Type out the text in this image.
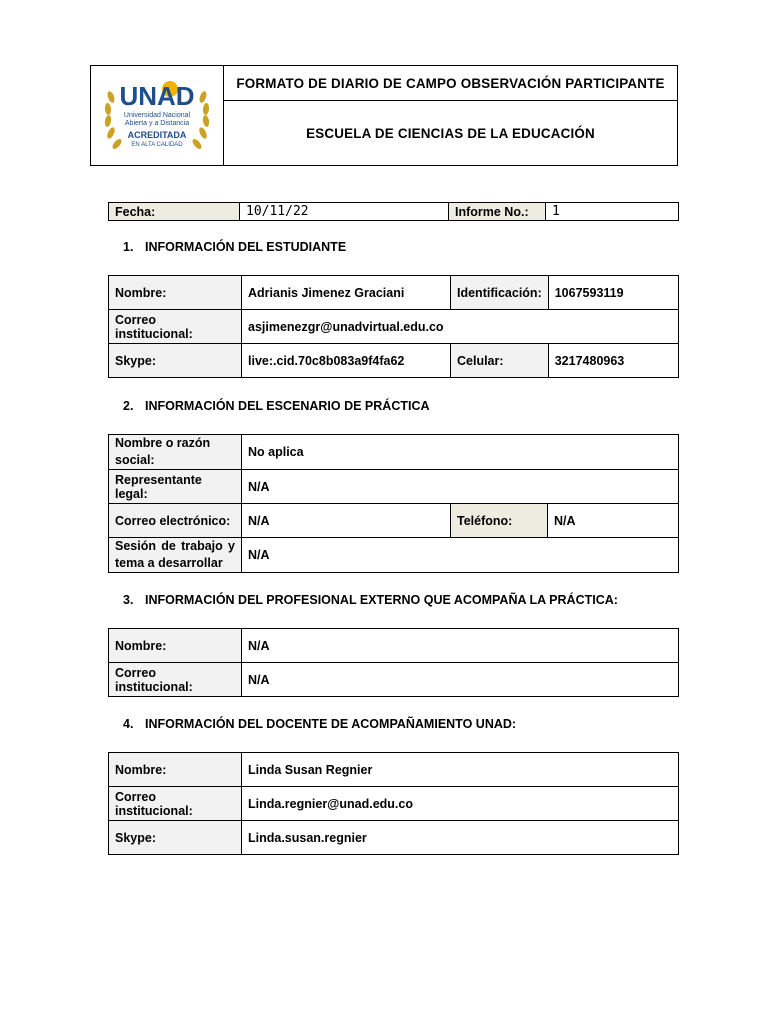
UNAD
Universidad Nacional
Abierta y a Distancia
ACREDITADA
EN ALTA CALIDAD
	FORMATO DE DIARIO DE CAMPO OBSERVACIÓN PARTICIPANTE
ESCUELA DE CIENCIAS DE LA EDUCACIÓN
Fecha:	10/11/22	Informe No.:	1
1. INFORMACIÓN DEL ESTUDIANTE
Nombre:	Adrianis Jimenez Graciani	Identificación:	1067593119
Correo institucional:	asjimenezgr@unadvirtual.edu.co		
Skype:	live:.cid.70c8b083a9f4fa62	Celular:	3217480963
2. INFORMACIÓN DEL ESCENARIO DE PRÁCTICA
Nombre o razón
social:	No aplica		
Representante legal:	N/A		
Correo electrónico:	N/A	Teléfono:	N/A

Sesión de trabajo y
tema a desarrollar	N/A		
3. INFORMACIÓN DEL PROFESIONAL EXTERNO QUE ACOMPAÑA LA PRÁCTICA:
Nombre:	N/A
Correo institucional:	N/A
4. INFORMACIÓN DEL DOCENTE DE ACOMPAÑAMIENTO UNAD:
Nombre:	Linda Susan Regnier
Correo institucional:	Linda.regnier@unad.edu.co
Skype:	Linda.susan.regnier
